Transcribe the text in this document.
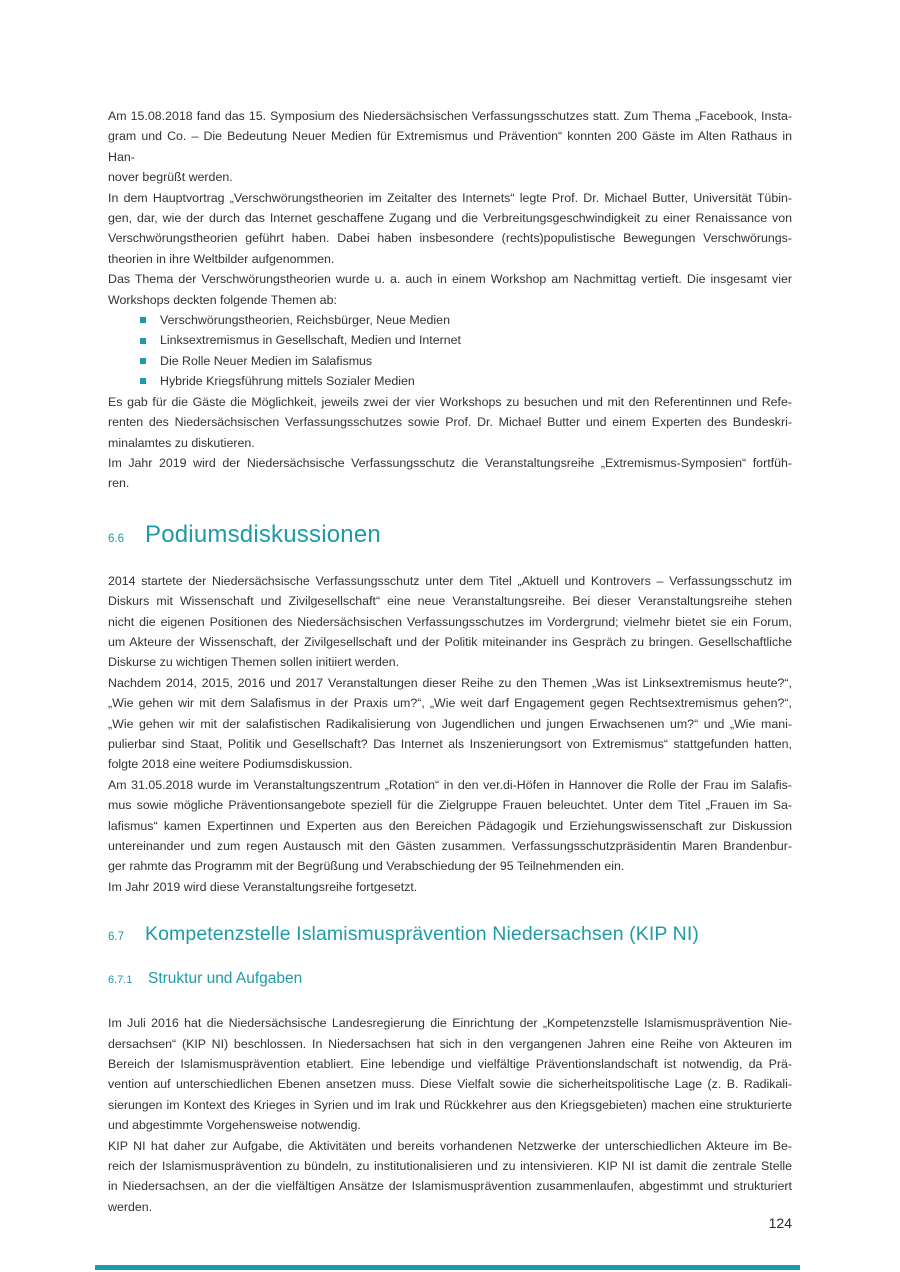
Am 15.08.2018 fand das 15. Symposium des Niedersächsischen Verfassungsschutzes statt. Zum Thema „Facebook, Insta-
gram und Co. – Die Bedeutung Neuer Medien für Extremismus und Prävention“ konnten 200 Gäste im Alten Rathaus in Han-
nover begrüßt werden.
In dem Hauptvortrag „Verschwörungstheorien im Zeitalter des Internets“ legte Prof. Dr. Michael Butter, Universität Tübin-
gen, dar, wie der durch das Internet geschaffene Zugang und die Verbreitungsgeschwindigkeit zu einer Renaissance von
Verschwörungstheorien geführt haben. Dabei haben insbesondere (rechts)populistische Bewegungen Verschwörungs-
theorien in ihre Weltbilder aufgenommen.
Das Thema der Verschwörungstheorien wurde u. a. auch in einem Workshop am Nachmittag vertieft. Die insgesamt vier
Workshops deckten folgende Themen ab:
Verschwörungstheorien, Reichsbürger, Neue Medien
Linksextremismus in Gesellschaft, Medien und Internet
Die Rolle Neuer Medien im Salafismus
Hybride Kriegsführung mittels Sozialer Medien
Es gab für die Gäste die Möglichkeit, jeweils zwei der vier Workshops zu besuchen und mit den Referentinnen und Refe-
renten des Niedersächsischen Verfassungsschutzes sowie Prof. Dr. Michael Butter und einem Experten des Bundeskri-
minalamtes zu diskutieren.
Im Jahr 2019 wird der Niedersächsische Verfassungsschutz die Veranstaltungsreihe „Extremismus-Symposien“ fortfüh-
ren.
6.6 Podiumsdiskussionen
2014 startete der Niedersächsische Verfassungsschutz unter dem Titel „Aktuell und Kontrovers – Verfassungsschutz im
Diskurs mit Wissenschaft und Zivilgesellschaft“ eine neue Veranstaltungsreihe. Bei dieser Veranstaltungsreihe stehen
nicht die eigenen Positionen des Niedersächsischen Verfassungsschutzes im Vordergrund; vielmehr bietet sie ein Forum,
um Akteure der Wissenschaft, der Zivilgesellschaft und der Politik miteinander ins Gespräch zu bringen. Gesellschaftliche
Diskurse zu wichtigen Themen sollen initiiert werden.
Nachdem 2014, 2015, 2016 und 2017 Veranstaltungen dieser Reihe zu den Themen „Was ist Linksextremismus heute?“,
„Wie gehen wir mit dem Salafismus in der Praxis um?“, „Wie weit darf Engagement gegen Rechtsextremismus gehen?“,
„Wie gehen wir mit der salafistischen Radikalisierung von Jugendlichen und jungen Erwachsenen um?“ und „Wie mani-
pulierbar sind Staat, Politik und Gesellschaft? Das Internet als Inszenierungsort von Extremismus“ stattgefunden hatten,
folgte 2018 eine weitere Podiumsdiskussion.
Am 31.05.2018 wurde im Veranstaltungszentrum „Rotation“ in den ver.di-Höfen in Hannover die Rolle der Frau im Salafis-
mus sowie mögliche Präventionsangebote speziell für die Zielgruppe Frauen beleuchtet. Unter dem Titel „Frauen im Sa-
lafismus“ kamen Expertinnen und Experten aus den Bereichen Pädagogik und Erziehungswissenschaft zur Diskussion
untereinander und zum regen Austausch mit den Gästen zusammen. Verfassungsschutzpräsidentin Maren Brandenbur-
ger rahmte das Programm mit der Begrüßung und Verabschiedung der 95 Teilnehmenden ein.
Im Jahr 2019 wird diese Veranstaltungsreihe fortgesetzt.
6.7	Kompetenzstelle Islamismusprävention Niedersachsen (KIP NI)
6.7.1	Struktur und Aufgaben
Im Juli 2016 hat die Niedersächsische Landesregierung die Einrichtung der „Kompetenzstelle Islamismusprävention Nie-
dersachsen“ (KIP NI) beschlossen. In Niedersachsen hat sich in den vergangenen Jahren eine Reihe von Akteuren im
Bereich der Islamismusprävention etabliert. Eine lebendige und vielfältige Präventionslandschaft ist notwendig, da Prä-
vention auf unterschiedlichen Ebenen ansetzen muss. Diese Vielfalt sowie die sicherheitspolitische Lage (z. B. Radikali-
sierungen im Kontext des Krieges in Syrien und im Irak und Rückkehrer aus den Kriegsgebieten) machen eine strukturierte
und abgestimmte Vorgehensweise notwendig.
KIP NI hat daher zur Aufgabe, die Aktivitäten und bereits vorhandenen Netzwerke der unterschiedlichen Akteure im Be-
reich der Islamismusprävention zu bündeln, zu institutionalisieren und zu intensivieren. KIP NI ist damit die zentrale Stelle
in Niedersachsen, an der die vielfältigen Ansätze der Islamismusprävention zusammenlaufen, abgestimmt und strukturiert
werden.
124
